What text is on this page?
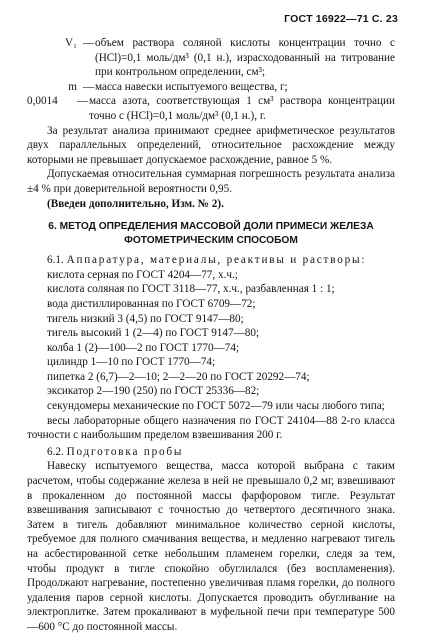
ГОСТ 16922—71 С. 23
V₁ — объем раствора соляной кислоты концентрации точно c (HCl)=0,1 моль/дм³ (0,1 н.), израсходованный на титрование при контрольном определении, см³;
m — масса навески испытуемого вещества, г;
0,0014	— масса азота, соответствующая 1 см³ раствора концентрации точно c (HCl)=0,1 моль/дм³ (0,1 н.), г.

За результат анализа принимают среднее арифметическое результатов двух параллельных определений, относительное расхождение между которыми не превышает допускаемое расхождение, равное 5 %.

Допускаемая относительная суммарная погрешность результата анализа ±4 % при доверительной вероятности 0,95.

(Введен дополнительно, Изм. № 2).

6. МЕТОД ОПРЕДЕЛЕНИЯ МАССОВОЙ ДОЛИ ПРИМЕСИ ЖЕЛЕЗА ФОТОМЕТРИЧЕСКИМ СПОСОБОМ

6.1. Аппаратура, материалы, реактивы и растворы:

кислота серная по ГОСТ 4204—77, х.ч.;
кислота соляная по ГОСТ 3118—77, х.ч., разбавленная 1 : 1;
вода дистиллированная по ГОСТ 6709—72;
тигель низкий 3 (4,5) по ГОСТ 9147—80;
тигель высокий 1 (2—4) по ГОСТ 9147—80;
колба 1 (2)—100—2 по ГОСТ 1770—74;
цилиндр 1—10 по ГОСТ 1770—74;
пипетка 2 (6,7)—2—10; 2—2—20 по ГОСТ 20292—74;
эксикатор 2—190 (250) по ГОСТ 25336—82;

секундомеры механические по ГОСТ 5072—79 или часы любого типа;

весы лабораторные общего назначения по ГОСТ 24104—88 2-го класса точности с наибольшим пределом взвешивания 200 г.

6.2. Подготовка пробы

Навеску испытуемого вещества, масса которой выбрана с таким расчетом, чтобы содержание железа в ней не превышало 0,2 мг, взвешивают в прокаленном до постоянной массы фарфоровом тигле. Результат взвешивания записывают с точностью до четвертого десятичного знака. Затем в тигель добавляют минимальное количество серной кислоты, требуемое для полного смачивания вещества, и медленно нагревают тигель на асбестированной сетке небольшим пламенем горелки, следя за тем, чтобы продукт в тигле спокойно обуглилался (без воспламенения). Продолжают нагревание, постепенно увеличивая пламя горелки, до полного удаления паров серной кислоты. Допускается проводить обугливание на электроплитке. Затем прокаливают в муфельной печи при температуре 500—600 °С до постоянной массы.
